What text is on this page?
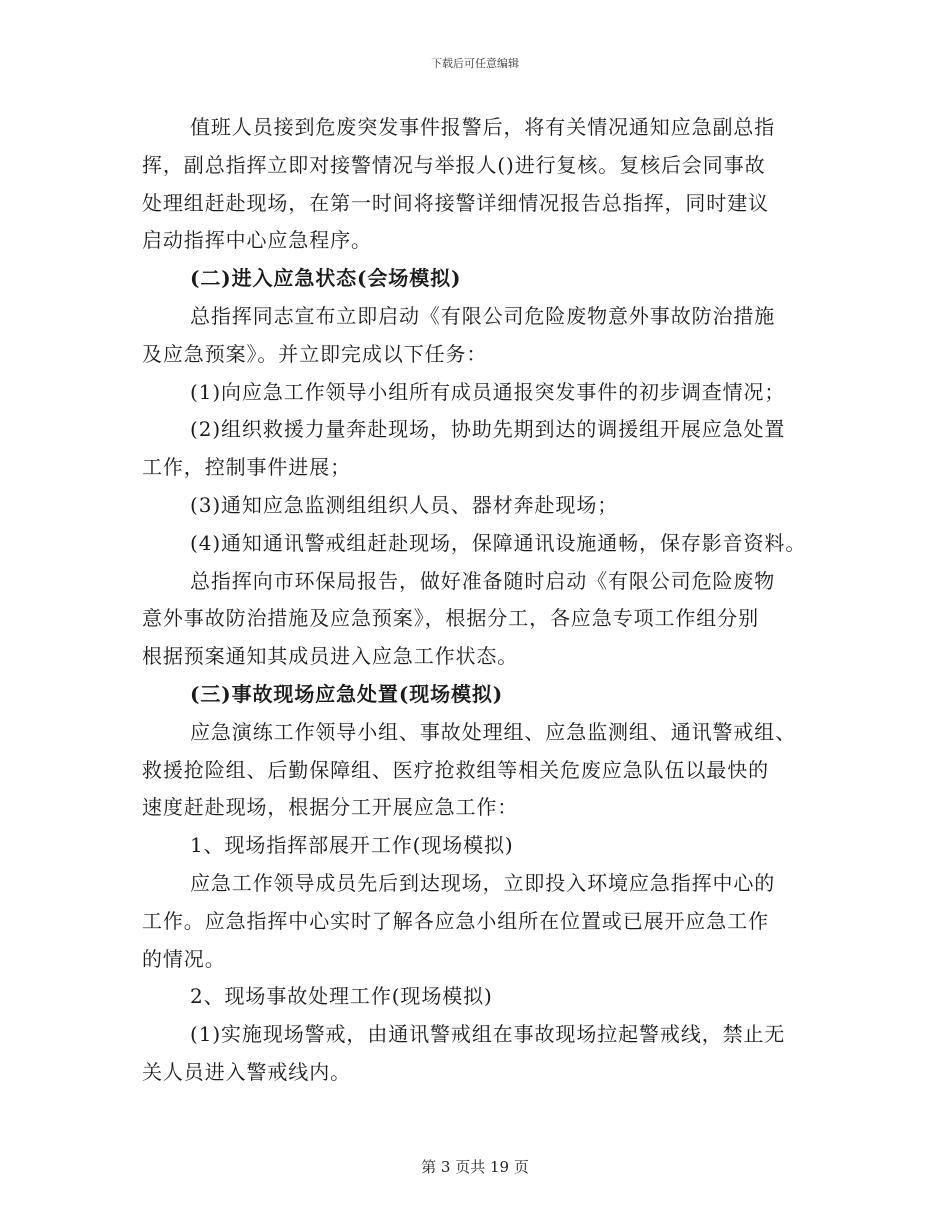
下载后可任意编辑
值班人员接到危废突发事件报警后，将有关情况通知应急副总指
挥，副总指挥立即对接警情况与举报人()进行复核。复核后会同事故
处理组赶赴现场，在第一时间将接警详细情况报告总指挥，同时建议
启动指挥中心应急程序。
(二)进入应急状态(会场模拟)
总指挥同志宣布立即启动《有限公司危险废物意外事故防治措施
及应急预案》。并立即完成以下任务：
(1)向应急工作领导小组所有成员通报突发事件的初步调查情况；
(2)组织救援力量奔赴现场，协助先期到达的调援组开展应急处置
工作，控制事件进展；
(3)通知应急监测组组织人员、器材奔赴现场；
(4)通知通讯警戒组赶赴现场，保障通讯设施通畅，保存影音资料。
总指挥向市环保局报告，做好准备随时启动《有限公司危险废物
意外事故防治措施及应急预案》，根据分工，各应急专项工作组分别
根据预案通知其成员进入应急工作状态。
(三)事故现场应急处置(现场模拟)
应急演练工作领导小组、事故处理组、应急监测组、通讯警戒组、
救援抢险组、后勤保障组、医疗抢救组等相关危废应急队伍以最快的
速度赶赴现场，根据分工开展应急工作：
1、现场指挥部展开工作(现场模拟)
应急工作领导成员先后到达现场，立即投入环境应急指挥中心的
工作。应急指挥中心实时了解各应急小组所在位置或已展开应急工作
的情况。
2、现场事故处理工作(现场模拟)
(1)实施现场警戒，由通讯警戒组在事故现场拉起警戒线，禁止无
关人员进入警戒线内。
第 3 页共 19 页
